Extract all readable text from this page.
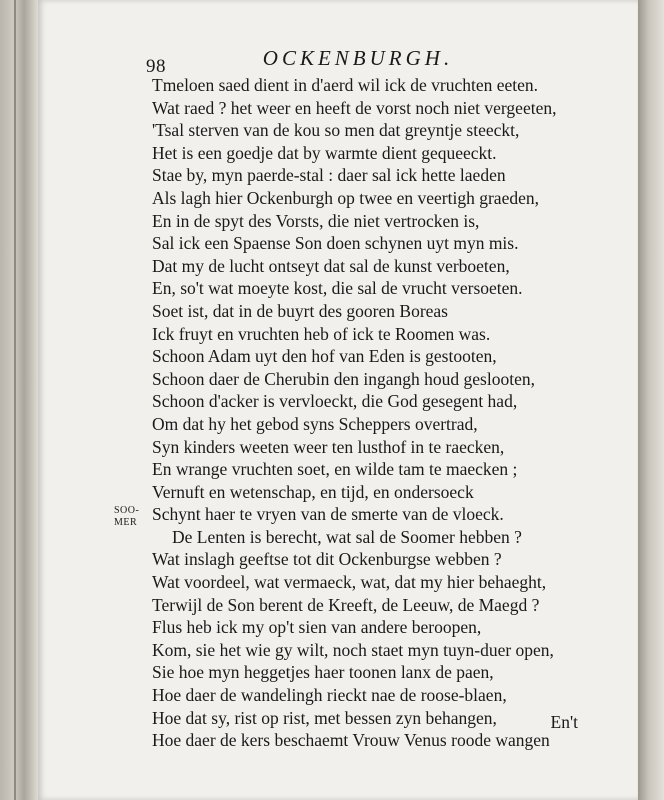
98	OCKENBURGH.
SOO-
MER
Tmeloen saed dient in d'aerd wil ick de vruchten eeten.
Wat raed ? het weer en heeft de vorst noch niet vergeeten,
'Tsal sterven van de kou so men dat greyntje steeckt,
Het is een goedje dat by warmte dient gequeeckt.
Stae by, myn paerde-stal : daer sal ick hette laeden
Als lagh hier Ockenburgh op twee en veertigh graeden,
En in de spyt des Vorsts, die niet vertrocken is,
Sal ick een Spaense Son doen schynen uyt myn mis.
Dat my de lucht ontseyt dat sal de kunst verboeten,
En, so't wat moeyte kost, die sal de vrucht versoeten.
Soet ist, dat in de buyrt des gooren Boreas
Ick fruyt en vruchten heb of ick te Roomen was.
Schoon Adam uyt den hof van Eden is gestooten,
Schoon daer de Cherubin den ingangh houd geslooten,
Schoon d'acker is vervloeckt, die God gesegent had,
Om dat hy het gebod syns Scheppers overtrad,
Syn kinders weeten weer ten lusthof in te raecken,
En wrange vruchten soet, en wilde tam te maecken ;
Vernuft en wetenschap, en tijd, en ondersoeck
Schynt haer te vryen van de smerte van de vloeck.
De Lenten is berecht, wat sal de Soomer hebben ?
Wat inslagh geeftse tot dit Ockenburgse webben ?
Wat voordeel, wat vermaeck, wat, dat my hier behaeght,
Terwijl de Son berent de Kreeft, de Leeuw, de Maegd ?
Flus heb ick my op't sien van andere beroopen,
Kom, sie het wie gy wilt, noch staet myn tuyn-duer open,
Sie hoe myn heggetjes haer toonen lanx de paen,
Hoe daer de wandelingh rieckt nae de roose-blaen,
Hoe dat sy, rist op rist, met bessen zyn behangen,
Hoe daer de kers beschaemt Vrouw Venus roode wangen
En't
